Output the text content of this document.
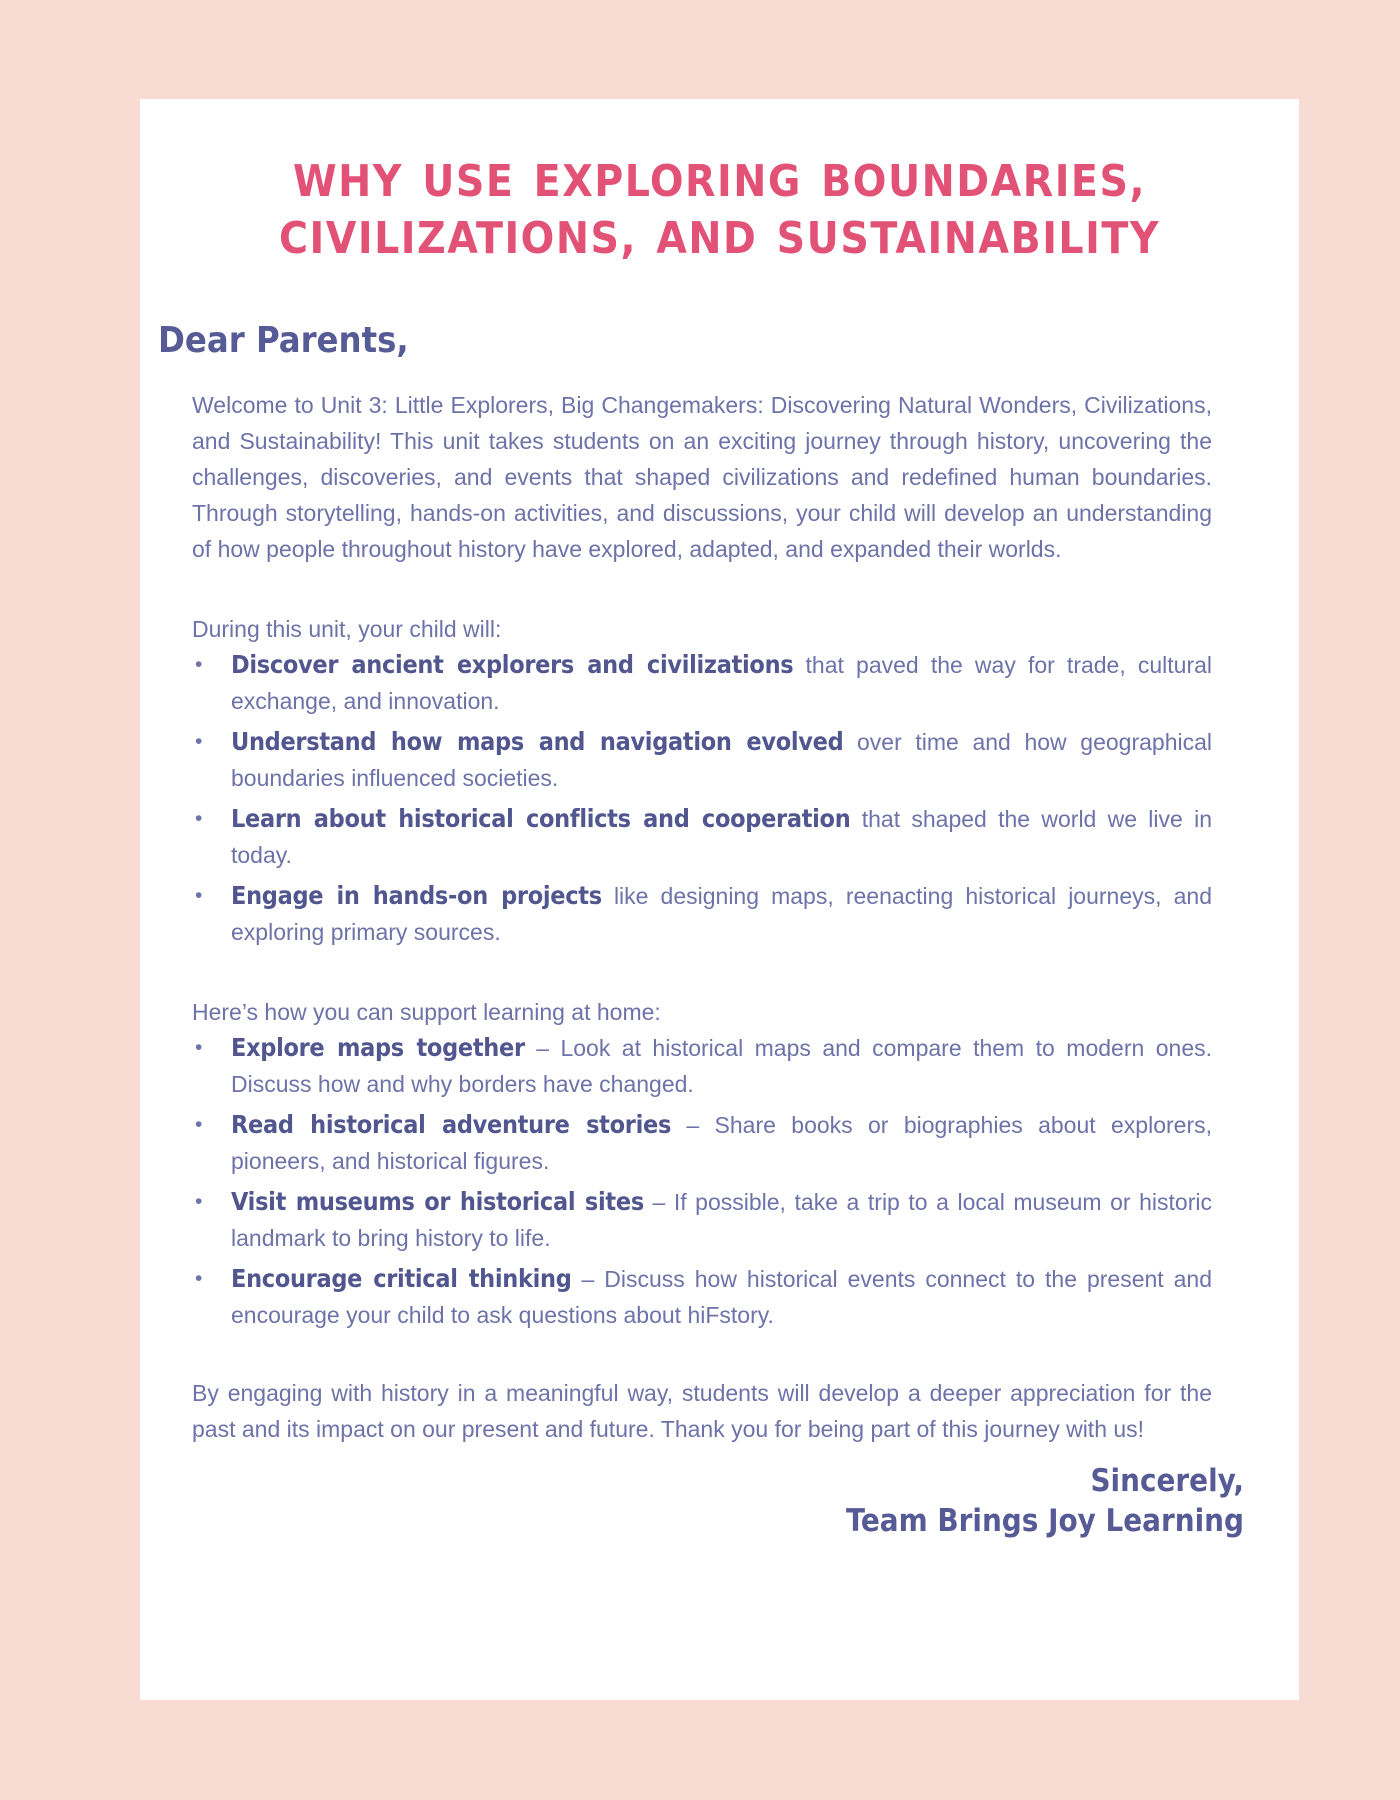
WHY USE EXPLORING BOUNDARIES,
CIVILIZATIONS, AND SUSTAINABILITY
Dear Parents,
Welcome to Unit 3: Little Explorers, Big Changemakers: Discovering Natural Wonders, Civilizations, and Sustainability! This unit takes students on an exciting journey through history, uncovering the challenges, discoveries, and events that shaped civilizations and redefined human boundaries. Through storytelling, hands-on activities, and discussions, your child will develop an understanding of how people throughout history have explored, adapted, and expanded their worlds.
During this unit, your child will:
•	Discover ancient explorers and civilizations that paved the way for trade, cultural exchange, and innovation.
•	Understand how maps and navigation evolved over time and how geographical boundaries influenced societies.
•	Learn about historical conflicts and cooperation that shaped the world we live in today.
•	Engage in hands-on projects like designing maps, reenacting historical journeys, and exploring primary sources.
Here’s how you can support learning at home:
•	Explore maps together – Look at historical maps and compare them to modern ones. Discuss how and why borders have changed.
•	Read historical adventure stories – Share books or biographies about explorers, pioneers, and historical figures.
•	Visit museums or historical sites – If possible, take a trip to a local museum or historic landmark to bring history to life.
•	Encourage critical thinking – Discuss how historical events connect to the present and encourage your child to ask questions about hiFstory.
By engaging with history in a meaningful way, students will develop a deeper appreciation for the past and its impact on our present and future. Thank you for being part of this journey with us!
Sincerely,
Team Brings Joy Learning
